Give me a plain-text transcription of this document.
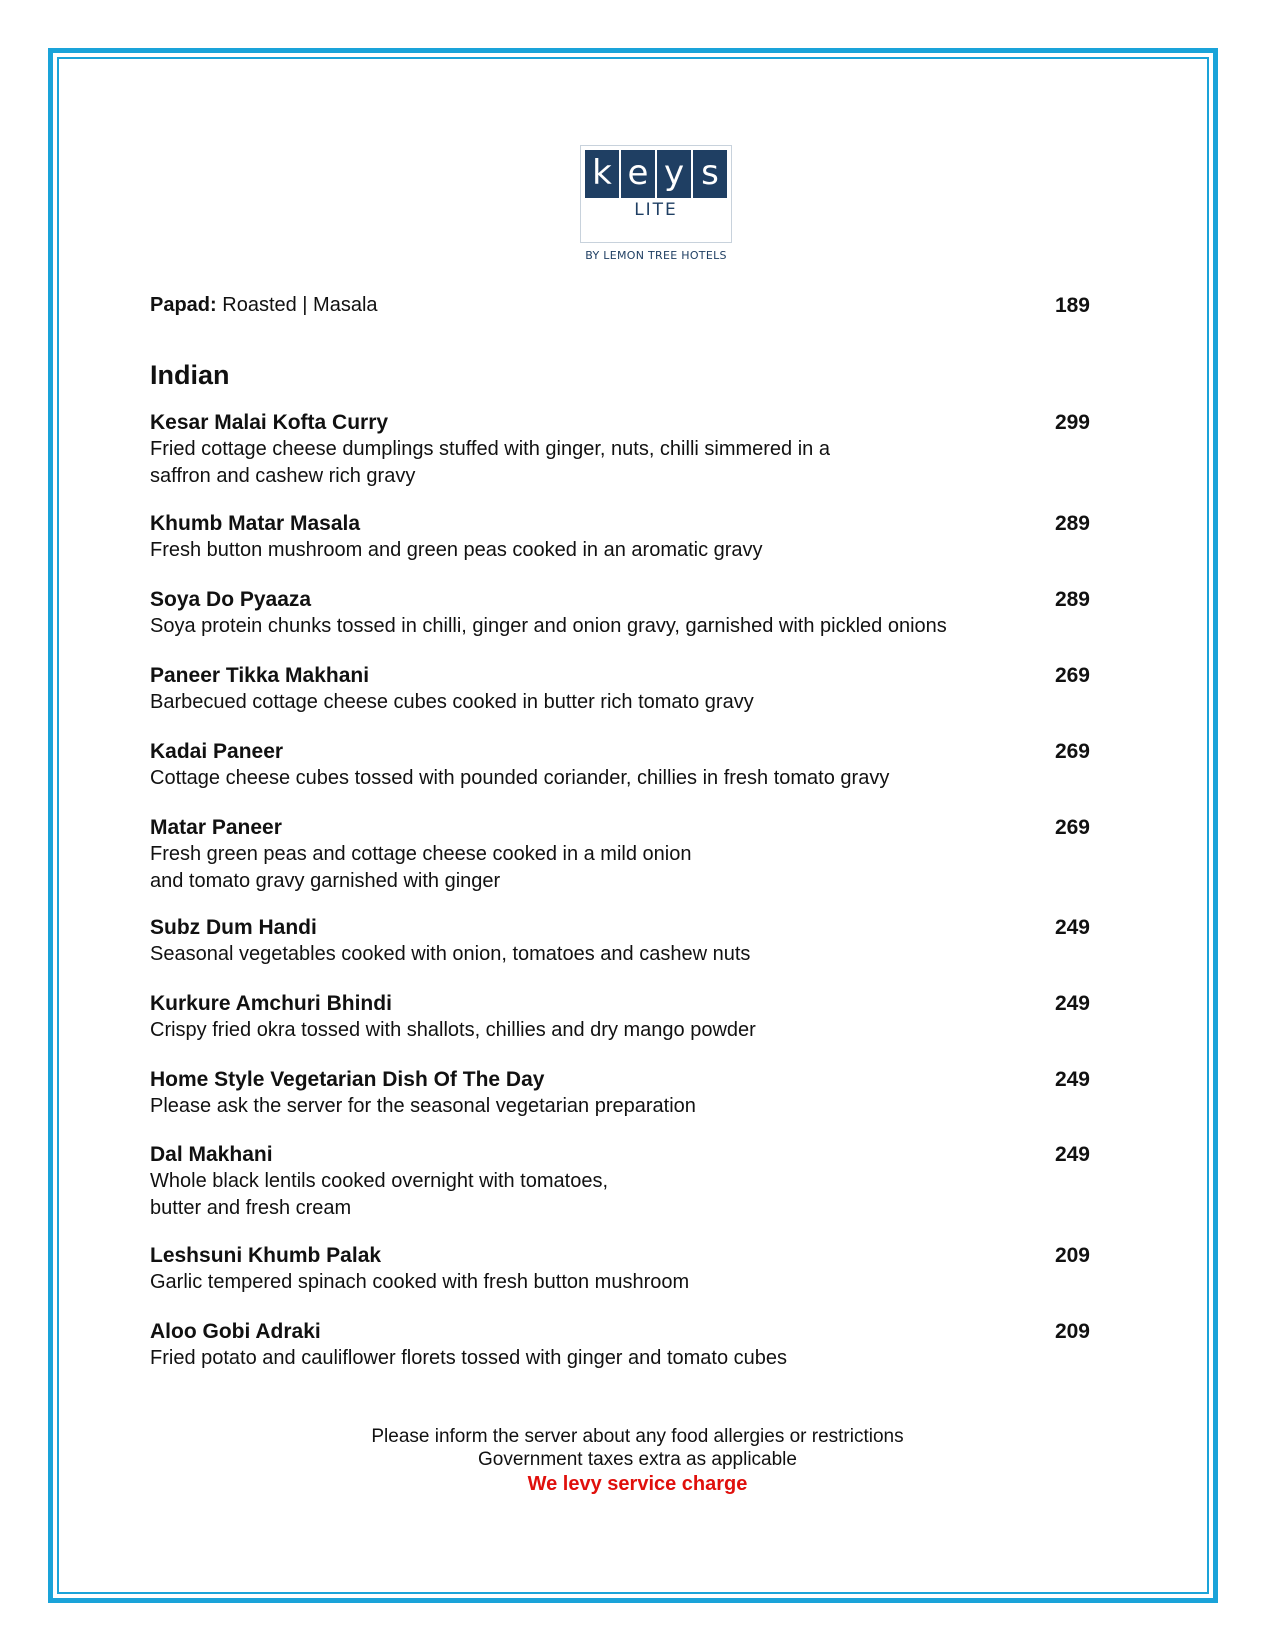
k e y s
LITE
BY LEMON TREE HOTELS
Papad: Roasted | Masala	189
Indian
Kesar Malai Kofta Curry	299
Fried cottage cheese dumplings stuffed with ginger, nuts, chilli simmered in a
saffron and cashew rich gravy
Khumb Matar Masala	289
Fresh button mushroom and green peas cooked in an aromatic gravy
Soya Do Pyaaza	289
Soya protein chunks tossed in chilli, ginger and onion gravy, garnished with pickled onions
Paneer Tikka Makhani	269
Barbecued cottage cheese cubes cooked in butter rich tomato gravy
Kadai Paneer	269
Cottage cheese cubes tossed with pounded coriander, chillies in fresh tomato gravy
Matar Paneer	269
Fresh green peas and cottage cheese cooked in a mild onion
and tomato gravy garnished with ginger
Subz Dum Handi	249
Seasonal vegetables cooked with onion, tomatoes and cashew nuts
Kurkure Amchuri Bhindi	249
Crispy fried okra tossed with shallots, chillies and dry mango powder
Home Style Vegetarian Dish Of The Day	249
Please ask the server for the seasonal vegetarian preparation
Dal Makhani	249
Whole black lentils cooked overnight with tomatoes,
butter and fresh cream
Leshsuni Khumb Palak	209
Garlic tempered spinach cooked with fresh button mushroom
Aloo Gobi Adraki	209
Fried potato and cauliflower florets tossed with ginger and tomato cubes
Please inform the server about any food allergies or restrictions
Government taxes extra as applicable
We levy service charge
